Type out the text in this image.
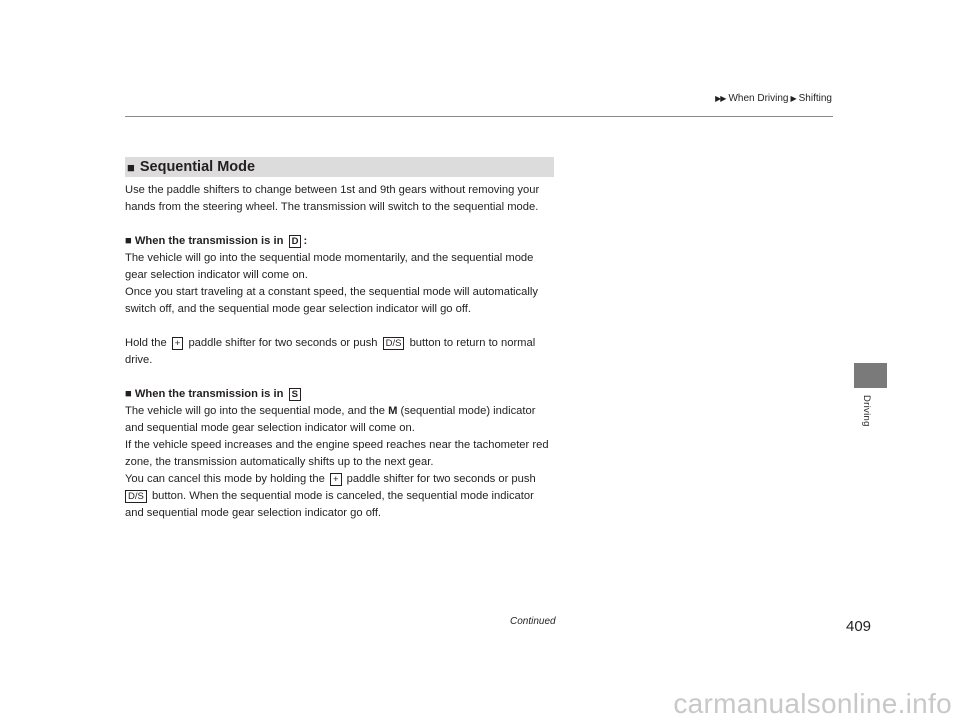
▶▶ When Driving ▶ Shifting
Driving
■ Sequential Mode

Use the paddle shifters to change between 1st and 9th gears without removing your

hands from the steering wheel. The transmission will switch to the sequential mode.

■ When the transmission is in D :

The vehicle will go into the sequential mode momentarily, and the sequential mode

gear selection indicator will come on.

Once you start traveling at a constant speed, the sequential mode will automatically

switch off, and the sequential mode gear selection indicator will go off.

Hold the + paddle shifter for two seconds or push D/S button to return to normal

drive.

■ When the transmission is in S

The vehicle will go into the sequential mode, and the M (sequential mode) indicator

and sequential mode gear selection indicator will come on.

If the vehicle speed increases and the engine speed reaches near the tachometer red

zone, the transmission automatically shifts up to the next gear.

You can cancel this mode by holding the + paddle shifter for two seconds or push

D/S button. When the sequential mode is canceled, the sequential mode indicator

and sequential mode gear selection indicator go off.

Continued	409
carmanualsonline.info
